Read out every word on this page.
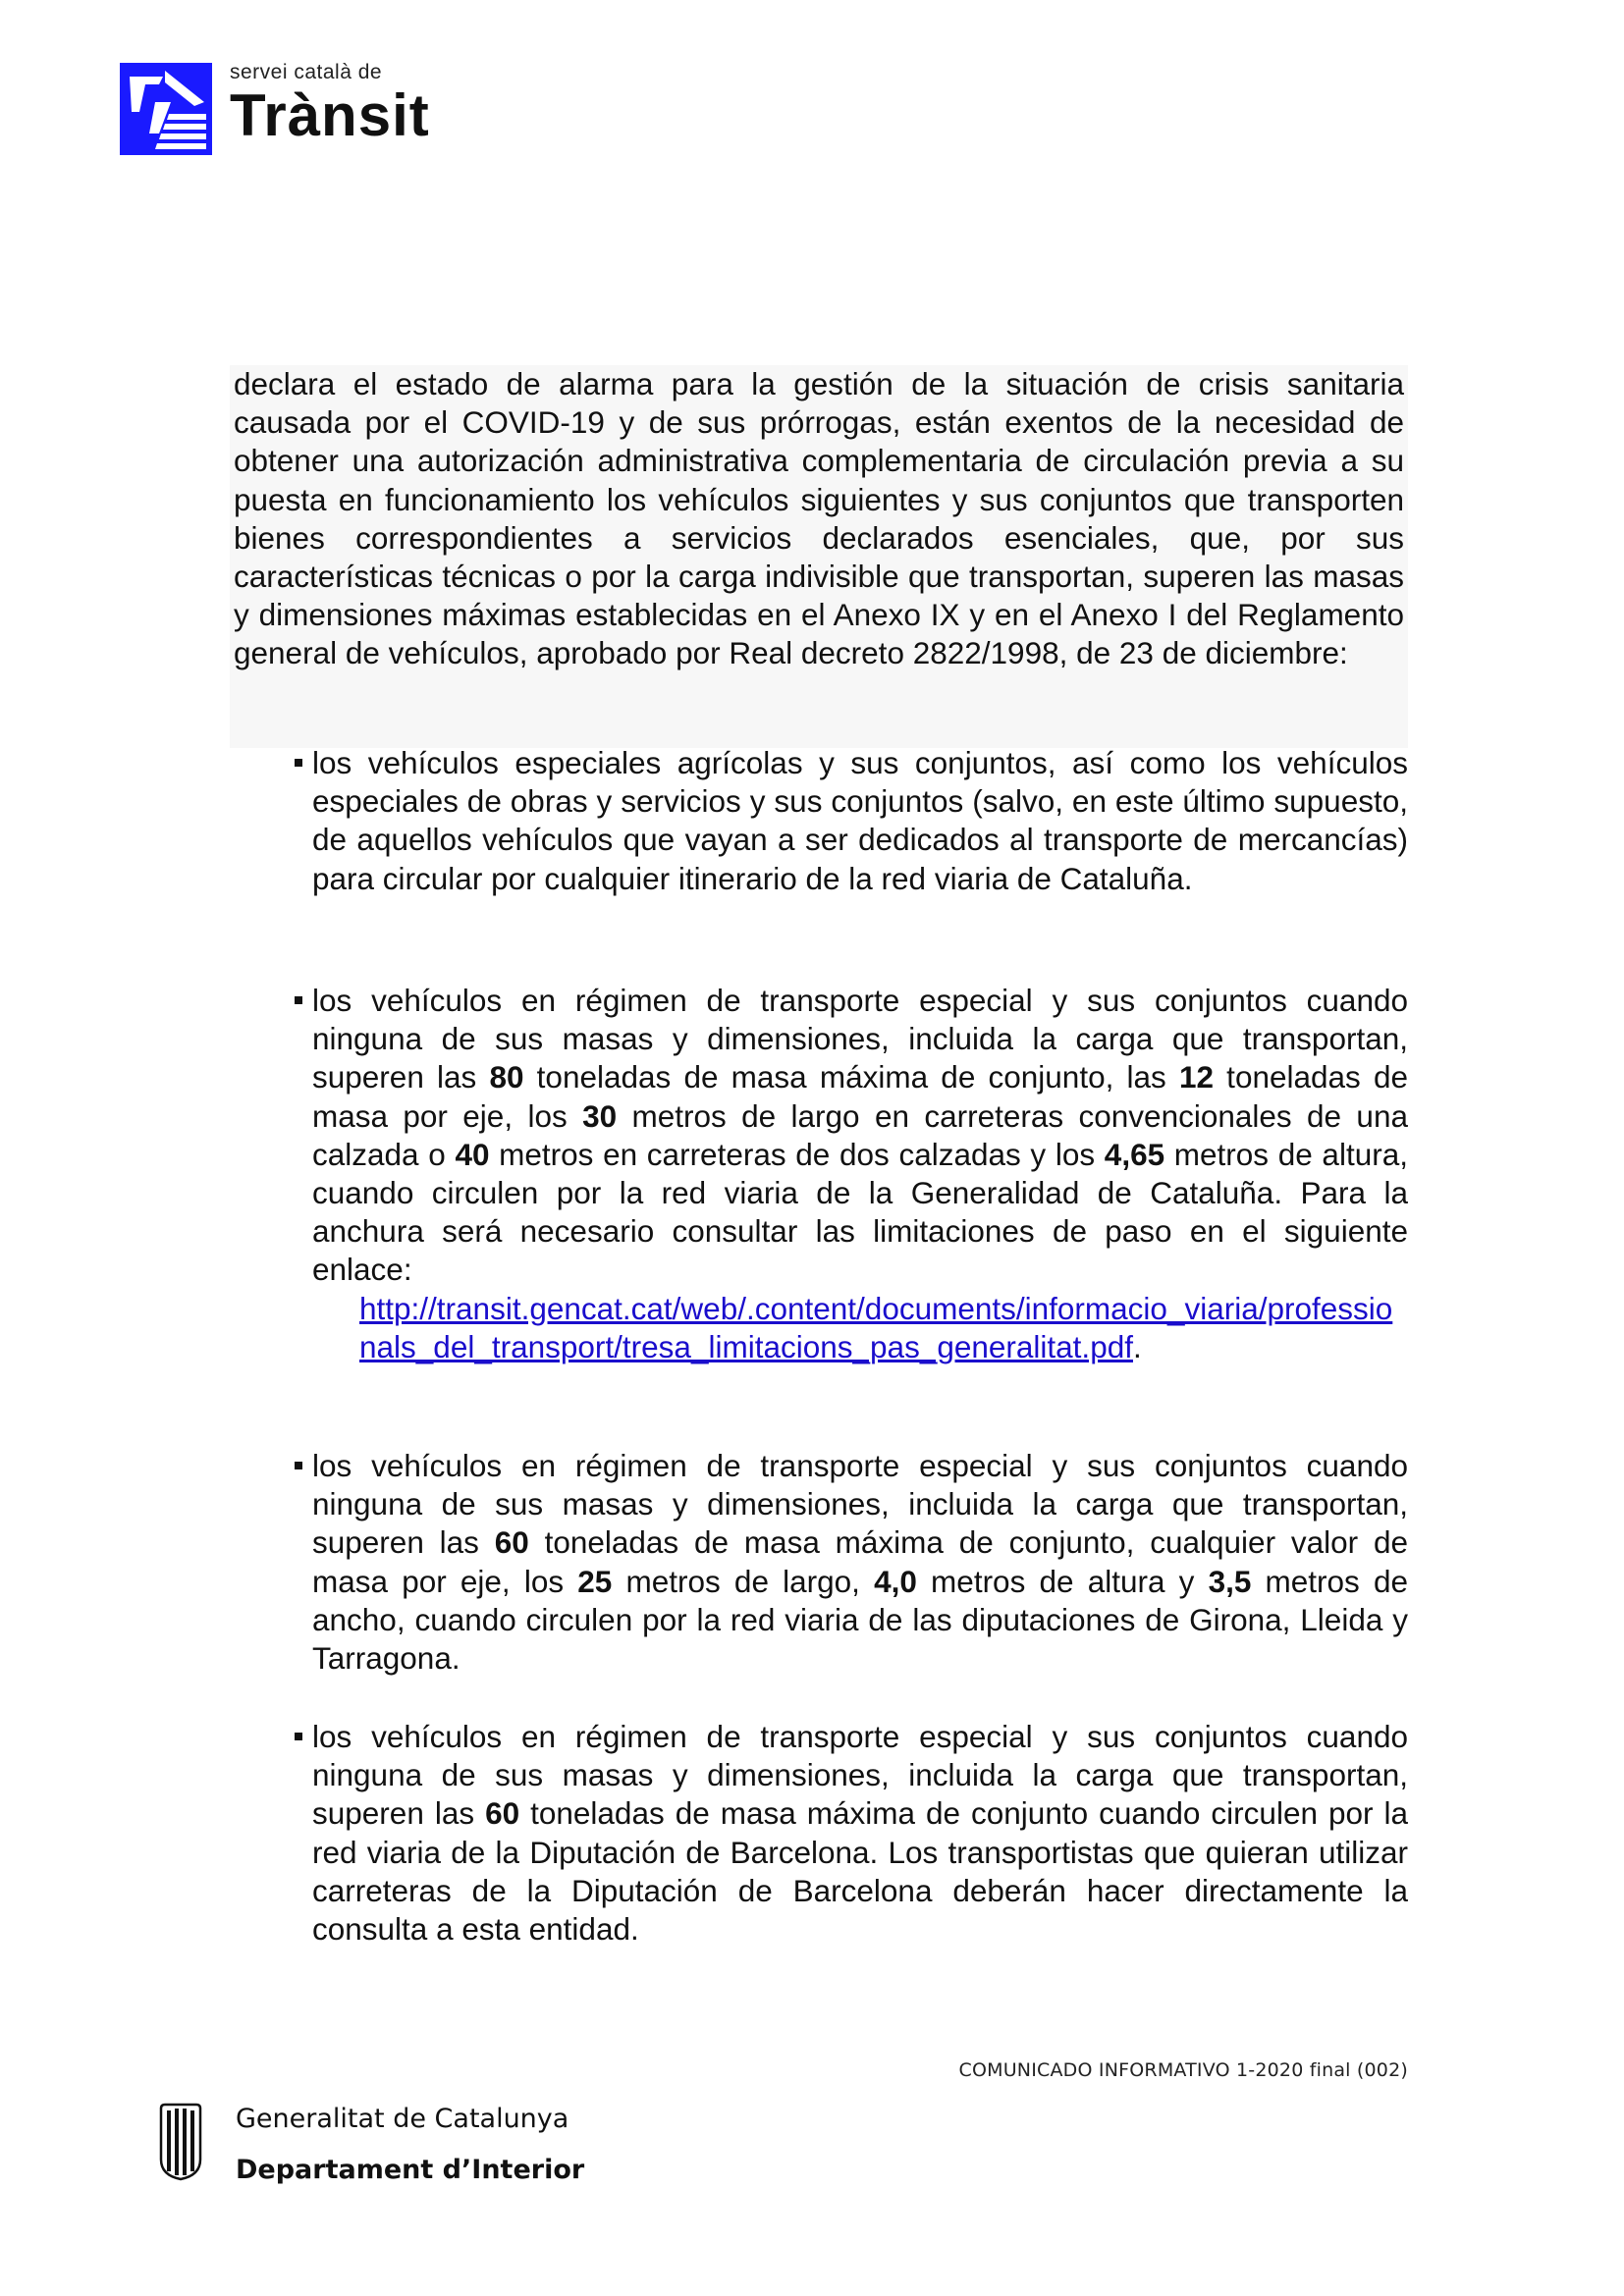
servei català de
Trànsit

declara el estado de alarma para la gestión de la situación de crisis sanitaria causada por el COVID-19 y de sus prórrogas, están exentos de la necesidad de obtener una autorización administrativa complementaria de circulación previa a su puesta en funcionamiento los vehículos siguientes y sus conjuntos que transporten bienes correspondientes a servicios declarados esenciales, que, por sus características técnicas o por la carga indivisible que transportan, superen las masas y dimensiones máximas establecidas en el Anexo IX y en el Anexo I del Reglamento general de vehículos, aprobado por Real decreto 2822/1998, de 23 de diciembre:

los vehículos especiales agrícolas y sus conjuntos, así como los vehículos especiales de obras y servicios y sus conjuntos (salvo, en este último supuesto, de aquellos vehículos que vayan a ser dedicados al transporte de mercancías) para circular por cualquier itinerario de la red viaria de Cataluña.
los vehículos en régimen de transporte especial y sus conjuntos cuando ninguna de sus masas y dimensiones, incluida la carga que transportan, superen las 80 toneladas de masa máxima de conjunto, las 12 toneladas de masa por eje, los 30 metros de largo en carreteras convencionales de una calzada o 40 metros en carreteras de dos calzadas y los 4,65 metros de altura, cuando circulen por la red viaria de la Generalidad de Cataluña. Para la anchura será necesario consultar las limitaciones de paso en el siguiente enlace:
http://transit.gencat.cat/web/.content/documents/informacio_viaria/professionals_del_transport/tresa_limitacions_pas_generalitat.pdf.
los vehículos en régimen de transporte especial y sus conjuntos cuando ninguna de sus masas y dimensiones, incluida la carga que transportan, superen las 60 toneladas de masa máxima de conjunto, cualquier valor de masa por eje, los 25 metros de largo, 4,0 metros de altura y 3,5 metros de ancho, cuando circulen por la red viaria de las diputaciones de Girona, Lleida y Tarragona.
los vehículos en régimen de transporte especial y sus conjuntos cuando ninguna de sus masas y dimensiones, incluida la carga que transportan, superen las 60 toneladas de masa máxima de conjunto cuando circulen por la red viaria de la Diputación de Barcelona. Los transportistas que quieran utilizar carreteras de la Diputación de Barcelona deberán hacer directamente la consulta a esta entidad.
COMUNICADO INFORMATIVO 1-2020 final (002)
Generalitat de Catalunya
Departament d’Interior
